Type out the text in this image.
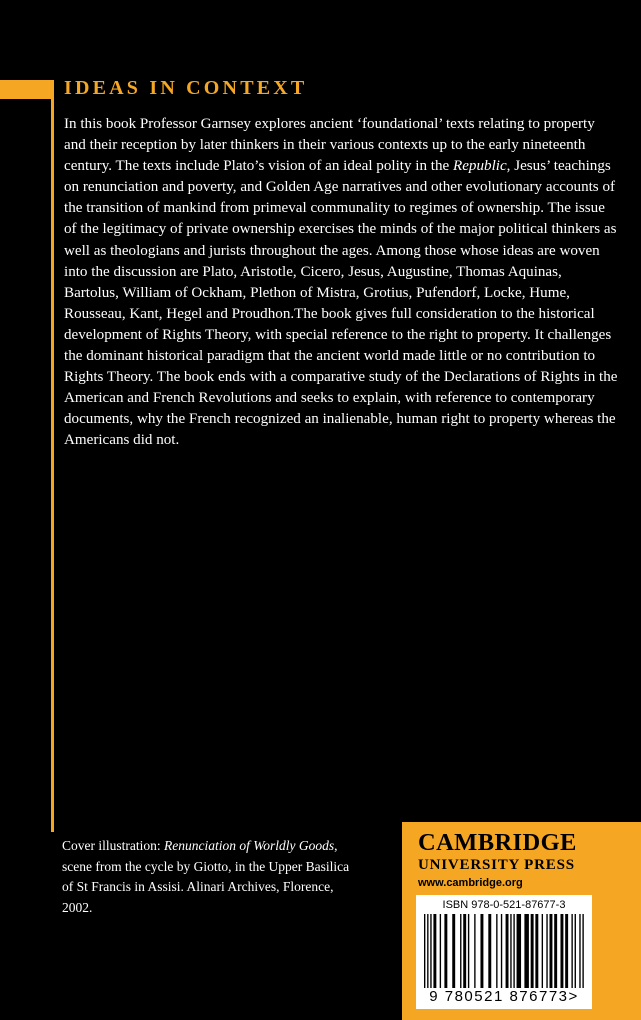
IDEAS IN CONTEXT

In this book Professor Garnsey explores ancient ‘foundational’ texts relating to property and their reception by later thinkers in their various contexts up to the early nineteenth century. The texts include Plato’s vision of an ideal polity in the Republic, Jesus’ teachings on renunciation and poverty, and Golden Age narratives and other evolutionary accounts of the transition of mankind from primeval communality to regimes of ownership. The issue of the legitimacy of private ownership exercises the minds of the major political thinkers as well as theologians and jurists throughout the ages. Among those whose ideas are woven into the discussion are Plato, Aristotle, Cicero, Jesus, Augustine, Thomas Aquinas, Bartolus, William of Ockham, Plethon of Mistra, Grotius, Pufendorf, Locke, Hume, Rousseau, Kant, Hegel and Proudhon.The book gives full consideration to the historical development of Rights Theory, with special reference to the right to property. It challenges the dominant historical paradigm that the ancient world made little or no contribution to Rights Theory. The book ends with a comparative study of the Declarations of Rights in the American and French Revolutions and seeks to explain, with reference to contemporary documents, why the French recognized an inalienable, human right to property whereas the Americans did not.

Cover illustration: Renunciation of Worldly Goods, scene from the cycle by Giotto, in the Upper Basilica of St Francis in Assisi. Alinari Archives, Florence, 2002.
CAMBRIDGE
UNIVERSITY PRESS
www.cambridge.org
ISBN 978-0-521-87677-3
9 780521 876773>
